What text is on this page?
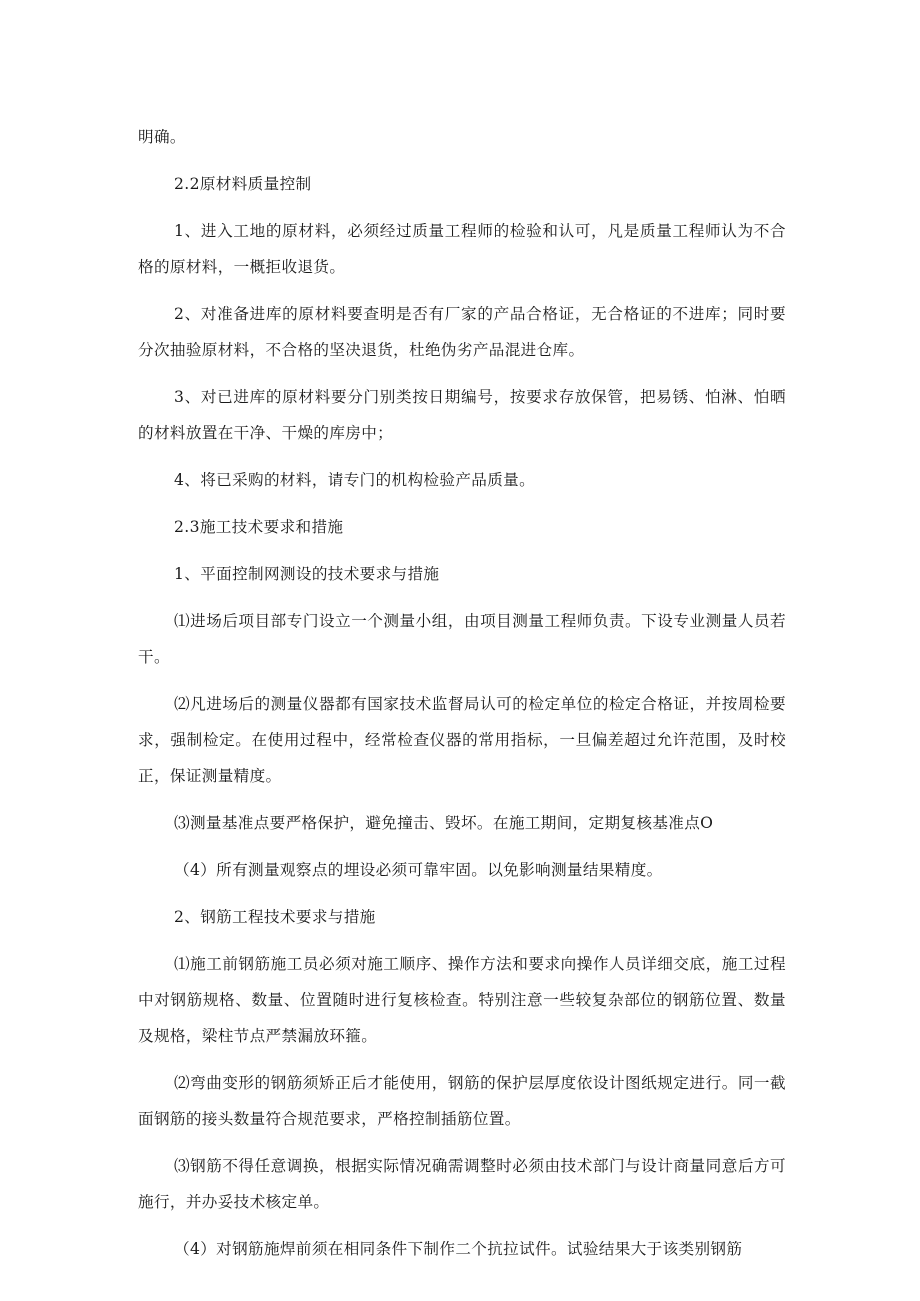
明确。

2.2原材料质量控制

1、进入工地的原材料，必须经过质量工程师的检验和认可，凡是质量工程师认为不合格的原材料，一概拒收退货。

2、对准备进库的原材料要查明是否有厂家的产品合格证，无合格证的不进库；同时要分次抽验原材料，不合格的坚决退货，杜绝伪劣产品混进仓库。

3、对已进库的原材料要分门别类按日期编号，按要求存放保管，把易锈、怕淋、怕晒的材料放置在干净、干燥的库房中；

4、将已采购的材料，请专门的机构检验产品质量。

2.3施工技术要求和措施

1、平面控制网测设的技术要求与措施

⑴进场后项目部专门设立一个测量小组，由项目测量工程师负责。下设专业测量人员若干。

⑵凡进场后的测量仪器都有国家技术监督局认可的检定单位的检定合格证，并按周检要求，强制检定。在使用过程中，经常检查仪器的常用指标，一旦偏差超过允许范围，及时校正，保证测量精度。

⑶测量基准点要严格保护，避免撞击、毁坏。在施工期间，定期复核基准点O

（4）所有测量观察点的埋设必须可靠牢固。以免影响测量结果精度。

2、钢筋工程技术要求与措施

⑴施工前钢筋施工员必须对施工顺序、操作方法和要求向操作人员详细交底，施工过程中对钢筋规格、数量、位置随时进行复核检查。特别注意一些较复杂部位的钢筋位置、数量及规格，梁柱节点严禁漏放环箍。

⑵弯曲变形的钢筋须矫正后才能使用，钢筋的保护层厚度依设计图纸规定进行。同一截面钢筋的接头数量符合规范要求，严格控制插筋位置。

⑶钢筋不得任意调换，根据实际情况确需调整时必须由技术部门与设计商量同意后方可施行，并办妥技术核定单。

（4）对钢筋施焊前须在相同条件下制作二个抗拉试件。试验结果大于该类别钢筋
